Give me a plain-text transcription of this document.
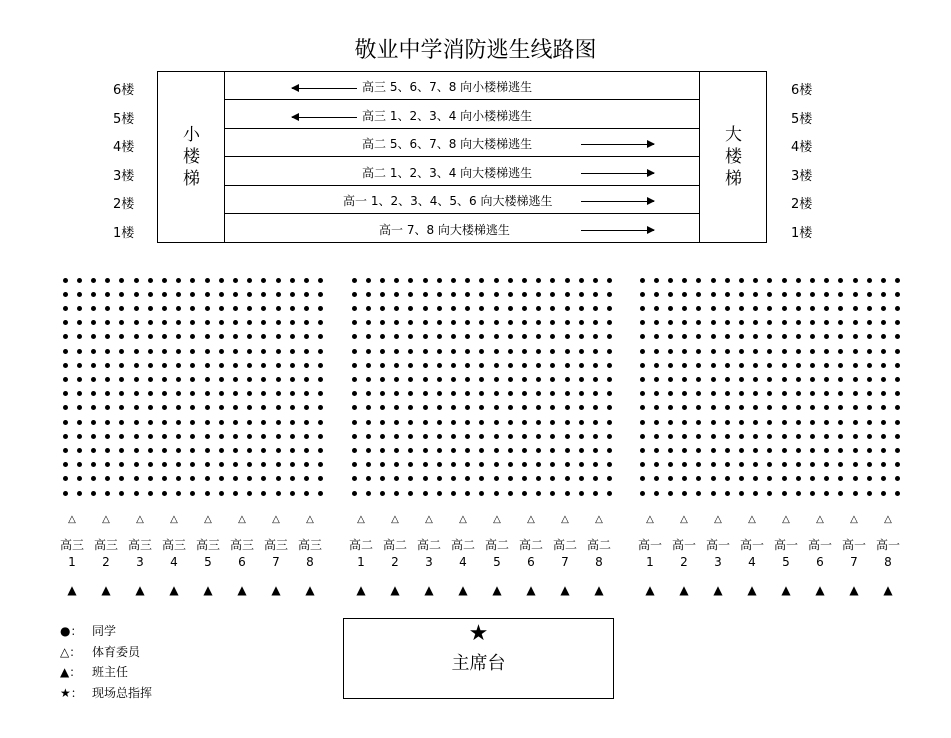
敬业中学消防逃生线路图
6楼
5楼
4楼
3楼
2楼
1楼
6楼
5楼
4楼
3楼
2楼
1楼
小
楼
梯
高三 5、6、7、8 向小楼梯逃生
高三 1、2、3、4 向小楼梯逃生
高二 5、6、7、8 向大楼梯逃生
高二 1、2、3、4 向大楼梯逃生
高一 1、2、3、4、5、6 向大楼梯逃生
高一 7、8 向大楼梯逃生
大
楼
梯
△
高三
1
▲
△
高三
2
▲
△
高三
3
▲
△
高三
4
▲
△
高三
5
▲
△
高三
6
▲
△
高三
7
▲
△
高三
8
▲
△
高二
1
▲
△
高二
2
▲
△
高二
3
▲
△
高二
4
▲
△
高二
5
▲
△
高二
6
▲
△
高二
7
▲
△
高二
8
▲
△
高一
1
▲
△
高一
2
▲
△
高一
3
▲
△
高一
4
▲
△
高一
5
▲
△
高一
6
▲
△
高一
7
▲
△
高一
8
▲
●： 同学
△： 体育委员
▲： 班主任
★： 现场总指挥
★
主席台
